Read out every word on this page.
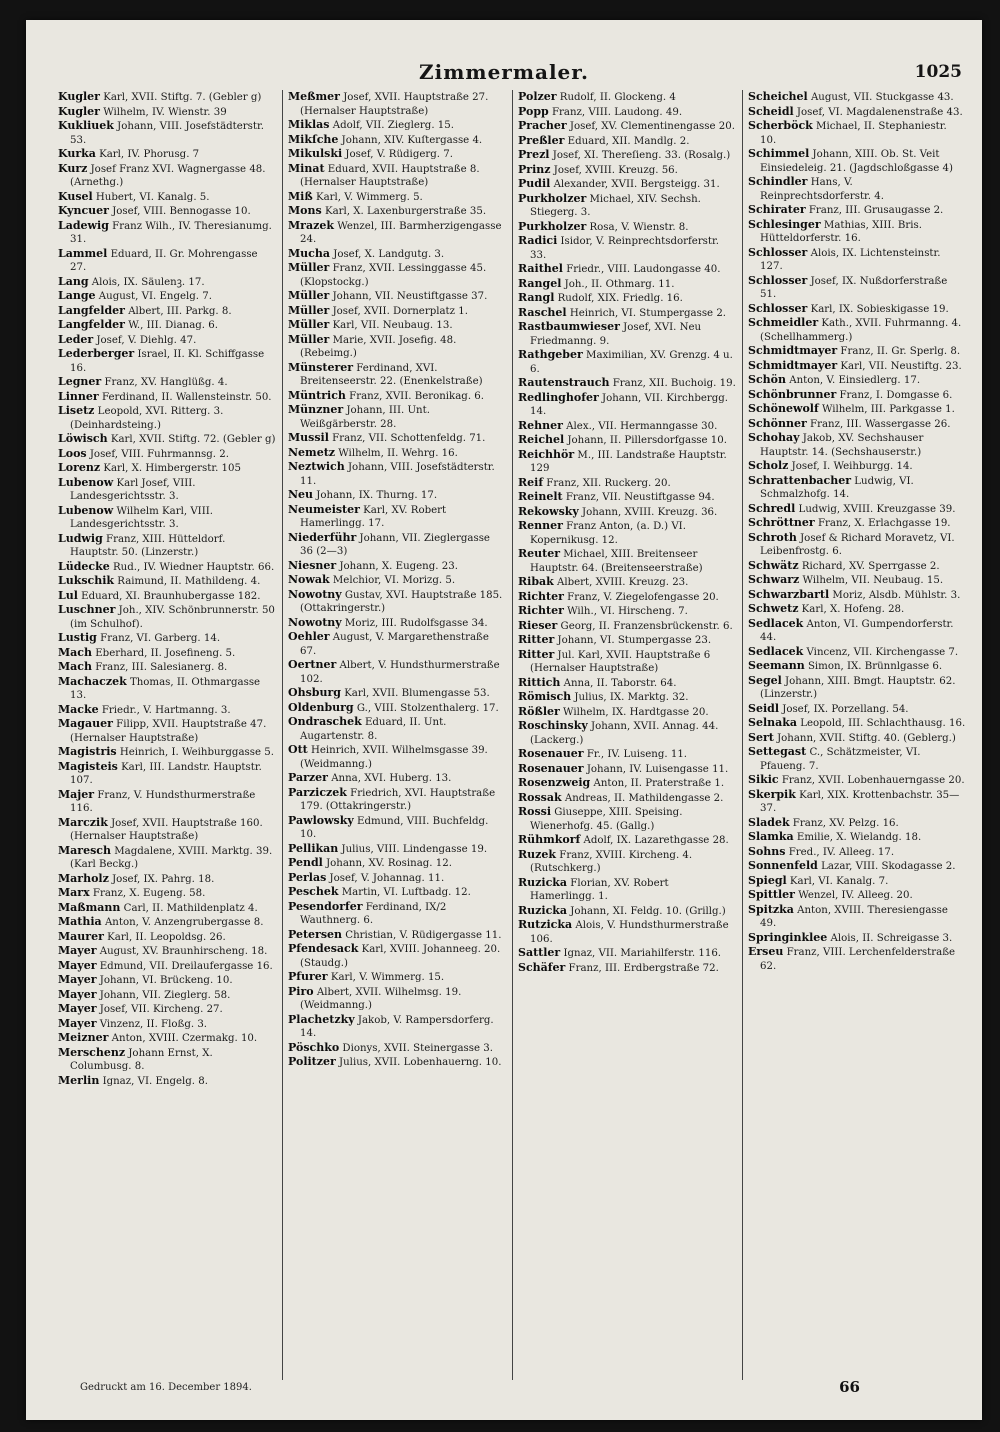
Zimmermaler.	1025

Kugler Karl, XVII. Stiftg. 7. (Gebler g)

Kugler Wilhelm, IV. Wienstr. 39

Kukliuek Johann, VIII. Josefstädterstr. 53.

Kurka Karl, IV. Phorusg. 7

Kurz Josef Franz XVI. Wagnergasse 48. (Arnethg.)

Kusel Hubert, VI. Kanalg. 5.

Kyncuer Josef, VIII. Bennogasse 10.

Ladewig Franz Wilh., IV. Theresianumg. 31.

Lammel Eduard, II. Gr. Mohrengasse 27.

Lang Alois, IX. Säulenꝫ. 17.

Lange August, VI. Engelg. 7.

Langfelder Albert, III. Parkg. 8.

Langfelder W., III. Dianag. 6.

Leder Josef, V. Diehlg. 47.

Lederberger Israel, II. Kl. Schiffgasse 16.

Legner Franz, XV. Hanglüßg. 4.

Linner Ferdinand, II. Wallensteinstr. 50.

Lisetz Leopold, XVI. Ritterg. 3. (Deinhardsteing.)

Löwisch Karl, XVII. Stiftg. 72. (Gebler g)

Loos Josef, VIII. Fuhrmannsg. 2.

Lorenz Karl, X. Himbergerstr. 105

Lubenow Karl Josef, VIII. Landesgerichtsstr. 3.

Lubenow Wilhelm Karl, VIII. Landesgerichtsstr. 3.

Ludwig Franz, XIII. Hütteldorf. Hauptstr. 50. (Linzerstr.)

Lüdecke Rud., IV. Wiedner Hauptstr. 66.

Lukschik Raimund, II. Mathildeng. 4.

Lul Eduard, XI. Braunhubergasse 182.

Luschner Joh., XIV. Schönbrunnerstr. 50 (im Schulhof).

Lustig Franz, VI. Garberg. 14.

Mach Eberhard, II. Josefineng. 5.

Mach Franz, III. Salesianerg. 8.

Machaczek Thomas, II. Othmargasse 13.

Macke Friedr., V. Hartmanng. 3.

Magauer Filipp, XVII. Hauptstraße 47. (Hernalser Hauptstraße)

Magistris Heinrich, I. Weihburggasse 5.

Magisteis Karl, III. Landstr. Hauptstr. 107.

Majer Franz, V. Hundsthurmerstraße 116.

Marczik Josef, XVII. Hauptstraße 160. (Hernalser Hauptstraße)

Maresch Magdalene, XVIII. Marktg. 39. (Karl Beckg.)

Marholz Josef, IX. Pahrg. 18.

Marx Franz, X. Eugeng. 58.

Maßmann Carl, II. Mathildenplatz 4.

Mathia Anton, V. Anzengrubergasse 8.

Maurer Karl, II. Leopoldsg. 26.

Mayer August, XV. Braunhirscheng. 18.

Mayer Edmund, VII. Dreilaufergasse 16.

Mayer Johann, VI. Brückeng. 10.

Mayer Johann, VII. Zieglerg. 58.

Mayer Josef, VII. Kircheng. 27.

Mayer Vinzenz, II. Floßg. 3.

Meizner Anton, XVIII. Czermakg. 10.

Merschenz Johann Ernst, X. Columbusg. 8.

Merlin Ignaz, VI. Engelg. 8.

Meßmer Josef, XVII. Hauptstraße 27. (Hernalser Hauptstraße)

Miklas Adolf, VII. Zieglerg. 15.

Mikſche Johann, XIV. Kuſtergasse 4.

Mikulski Josef, V. Rüdigerg. 7.

Minat Eduard, XVII. Hauptstraße 8. (Hernalser Hauptstraße)

Miß Karl, V. Wimmerg. 5.

Mons Karl, X. Laxenburgerstraße 35.

Mrazek Wenzel, III. Barmherzigengasse 24.

Mucha Josef, X. Landgutg. 3.

Müller Franz, XVII. Lessinggasse 45. (Klopstockg.)

Müller Johann, VII. Neustiftgasse 37.

Müller Josef, XVII. Dornerplatz 1.

Müller Karl, VII. Neubaug. 13.

Müller Marie, XVII. Josefig. 48. (Rebeimg.)

Münsterer Ferdinand, XVI. Breitenseerstr. 22. (Enenkelstraße)

Müntrich Franz, XVII. Beronikag. 6.

Münzner Johann, III. Unt. Weißgärberstr. 28.

Mussil Franz, VII. Schottenfeldg. 71.

Nemetz Wilhelm, II. Wehrg. 16.

Neztwich Johann, VIII. Josefstädterstr. 11.

Neu Johann, IX. Thurng. 17.

Neumeister Karl, XV. Robert Hamerlingg. 17.

Niederführ Johann, VII. Zieglergasse 36 (2—3)

Niesner Johann, X. Eugeng. 23.

Nowak Melchior, VI. Morizg. 5.

Nowotny Gustav, XVI. Hauptstraße 185. (Ottakringerstr.)

Nowotny Moriz, III. Rudolfsgasse 34.

Oehler August, V. Margarethenstraße 67.

Oertner Albert, V. Hundsthurmerstraße 102.

Ohsburg Karl, XVII. Blumengasse 53.

Oldenburg G., VIII. Stolzenthalerg. 17.

Ondraschek Eduard, II. Unt. Augartenstr. 8.

Ott Heinrich, XVII. Wilhelmsgasse 39. (Weidmanng.)

Parzer Anna, XVI. Huberg. 13.

Parziczek Friedrich, XVI. Hauptstraße 179. (Ottakringerstr.)

Pawlowsky Edmund, VIII. Buchfeldg. 10.

Pellikan Julius, VIII. Lindengasse 19.

Pendl Johann, XV. Rosinag. 12.

Perlas Josef, V. Johannag. 11.

Peschek Martin, VI. Luftbadg. 12.

Pesendorfer Ferdinand, IX/2 Wauthnerg. 6.

Petersen Christian, V. Rüdigergasse 11.

Pfendesack Karl, XVIII. Johanneeg. 20. (Staudg.)

Pfurer Karl, V. Wimmerg. 15.

Piro Albert, XVII. Wilhelmsg. 19. (Weidmanng.)

Plachetzky Jakob, V. Rampersdorferg. 14.

Pöschko Dionys, XVII. Steinergasse 3.

Politzer Julius, XVII. Lobenhauerng. 10.

Polzer Rudolf, II. Glockeng. 4

Popp Franz, VIII. Laudong. 49.

Pracher Josef, XV. Clementinengasse 20.

Preßler Eduard, XII. Mandlg. 2.

Prezl Josef, XI. Thereſieng. 33. (Rosalg.)

Prinz Josef, XVIII. Kreuzg. 56.

Pudil Alexander, XVII. Bergsteigg. 31.

Purkholzer Michael, XIV. Sechsh. Stiegerg. 3.

Purkholzer Rosa, V. Wienstr. 8.

Radici Isidor, V. Reinprechtsdorferstr. 33.

Raithel Friedr., VIII. Laudongasse 40.

Rangel Joh., II. Othmarg. 11.

Rangl Rudolf, XIX. Friedlg. 16.

Raschel Heinrich, VI. Stumpergasse 2.

Rastbaumwieser Josef, XVI. Neu Friedmanng. 9.

Rathgeber Maximilian, XV. Grenzg. 4 u. 6.

Rautenstrauch Franz, XII. Buchoig. 19.

Redlinghofer Johann, VII. Kirchbergg. 14.

Rehner Alex., VII. Hermanngasse 30.

Reichel Johann, II. Pillersdorfgasse 10.

Reichhör M., III. Landstraße Hauptstr. 129

Reif Franz, XII. Ruckerg. 20.

Reinelt Franz, VII. Neustiftgasse 94.

Rekowsky Johann, XVIII. Kreuzg. 36.

Renner Franz Anton, (a. D.) VI. Kopernikusg. 12.

Reuter Michael, XIII. Breitenseer Hauptstr. 64. (Breitenseerstraße)

Ribak Albert, XVIII. Kreuzg. 23.

Richter Franz, V. Ziegelofengasse 20.

Richter Wilh., VI. Hirscheng. 7.

Rieser Georg, II. Franzensbrückenstr. 6.

Ritter Johann, VI. Stumpergasse 23.

Ritter Jul. Karl, XVII. Hauptstraße 6 (Hernalser Hauptstraße)

Rittich Anna, II. Taborstr. 64.

Römisch Julius, IX. Marktg. 32.

Rößler Wilhelm, IX. Hardtgasse 20.

Roschinsky Johann, XVII. Annag. 44. (Lackerg.)

Rosenauer Fr., IV. Luiseng. 11.

Rosenauer Johann, IV. Luisengasse 11.

Rosenzweig Anton, II. Praterstraße 1.

Rossak Andreas, II. Mathildengasse 2.

Rossi Giuseppe, XIII. Speising. Wienerhofg. 45. (Gallg.)

Rühmkorf Adolf, IX. Lazarethgasse 28.

Ruzek Franz, XVIII. Kircheng. 4. (Rutschkerg.)

Ruzicka Florian, XV. Robert Hamerlingg. 1.

Ruzicka Johann, XI. Feldg. 10. (Grillg.)

Rutzicka Alois, V. Hundsthurmerstraße 106.

Sattler Ignaz, VII. Mariahilferstr. 116.

Schäfer Franz, III. Erdbergstraße 72.

Scheichel August, VII. Stuckgasse 43.

Scheidl Josef, VI. Magdalenenstraße 43.

Scherböck Michael, II. Stephaniestr. 10.

Schimmel Johann, XIII. Ob. St. Veit Einsiedeleig. 21. (Jagdschloßgasse 4)

Schindler Hans, V. Reinprechtsdorferstr. 4.

Schirater Franz, III. Grusaugasse 2.

Schlesinger Mathias, XIII. Bris. Hütteldorferstr. 16.

Schlosser Alois, IX. Lichtensteinstr. 127.

Schlosser Josef, IX. Nußdorferstraße 51.

Schlosser Karl, IX. Sobieskigasse 19.

Schmeidler Kath., XVII. Fuhrmanng. 4. (Schellhammerg.)

Schmidtmayer Franz, II. Gr. Sperlg. 8.

Schmidtmayer Karl, VII. Neustiftg. 23.

Schön Anton, V. Einsiedlerg. 17.

Schönbrunner Franz, I. Domgasse 6.

Schönewolf Wilhelm, III. Parkgasse 1.

Schönner Franz, III. Wassergasse 26.

Schohay Jakob, XV. Sechshauser Hauptstr. 14. (Sechshauserstr.)

Scholz Josef, I. Weihburgg. 14.

Schrattenbacher Ludwig, VI. Schmalzhofg. 14.

Schredl Ludwig, XVIII. Kreuzgasse 39.

Schröttner Franz, X. Erlachgasse 19.

Schroth Josef & Richard Moravetz, VI. Leibenfrostg. 6.

Schwätz Richard, XV. Sperrgasse 2.

Schwarz Wilhelm, VII. Neubaug. 15.

Schwarzbartl Moriz, Alsdb. Mühlstr. 3.

Schwetz Karl, X. Hofeng. 28.

Sedlacek Anton, VI. Gumpendorferstr. 44.

Sedlacek Vincenz, VII. Kirchengasse 7.

Seemann Simon, IX. Brünnlgasse 6.

Segel Johann, XIII. Bmgt. Hauptstr. 62. (Linzerstr.)

Seidl Josef, IX. Porzellang. 54.

Selnaka Leopold, III. Schlachthausg. 16.

Sert Johann, XVII. Stiftg. 40. (Geblerg.)

Settegast C., Schätzmeister, VI. Pfaueng. 7.

Sikic Franz, XVII. Lobenhauerngasse 20.

Skerpik Karl, XIX. Krottenbachstr. 35—37.

Sladek Franz, XV. Pelzg. 16.

Slamka Emilie, X. Wielandg. 18.

Sohns Fred., IV. Alleeg. 17.

Sonnenfeld Lazar, VIII. Skodagasse 2.

Spiegl Karl, VI. Kanalg. 7.

Spittler Wenzel, IV. Alleeg. 20.

Spitzka Anton, XVIII. Theresiengasse 49.

Springinklee Alois, II. Schreigasse 3.

Erseu Franz, VIII. Lerchenfelderstraße 62.

Gedruckt am 16. December 1894.	66
